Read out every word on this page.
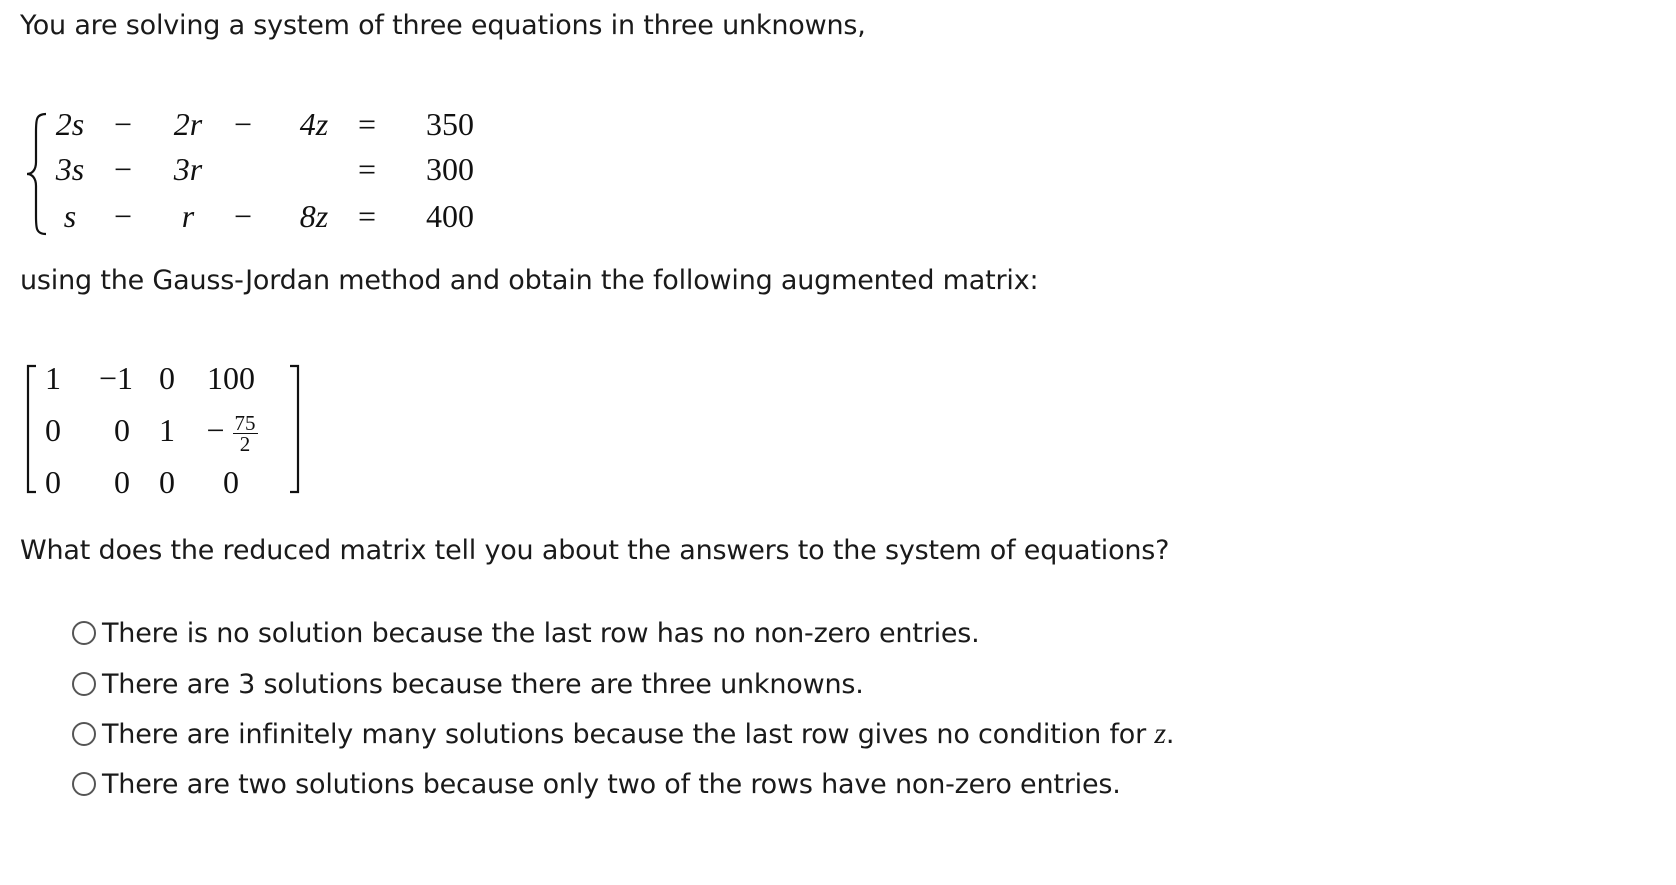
You are solving a system of three equations in three unknowns,
2s − 2r − 4z = 350
3s − 3r	= 300
s	−	r	− 8z = 400
using the Gauss-Jordan method and obtain the following augmented matrix:
1	−1 0 100
0	0 $1 - \frac{75}{2}$
0	0 0 0
What does the reduced matrix tell you about the answers to the system of equations?
There is no solution because the last row has no non-zero entries.
There are 3 solutions because there are three unknowns.
There are infinitely many solutions because the last row gives no condition for z.
There are two solutions because only two of the rows have non-zero entries.
